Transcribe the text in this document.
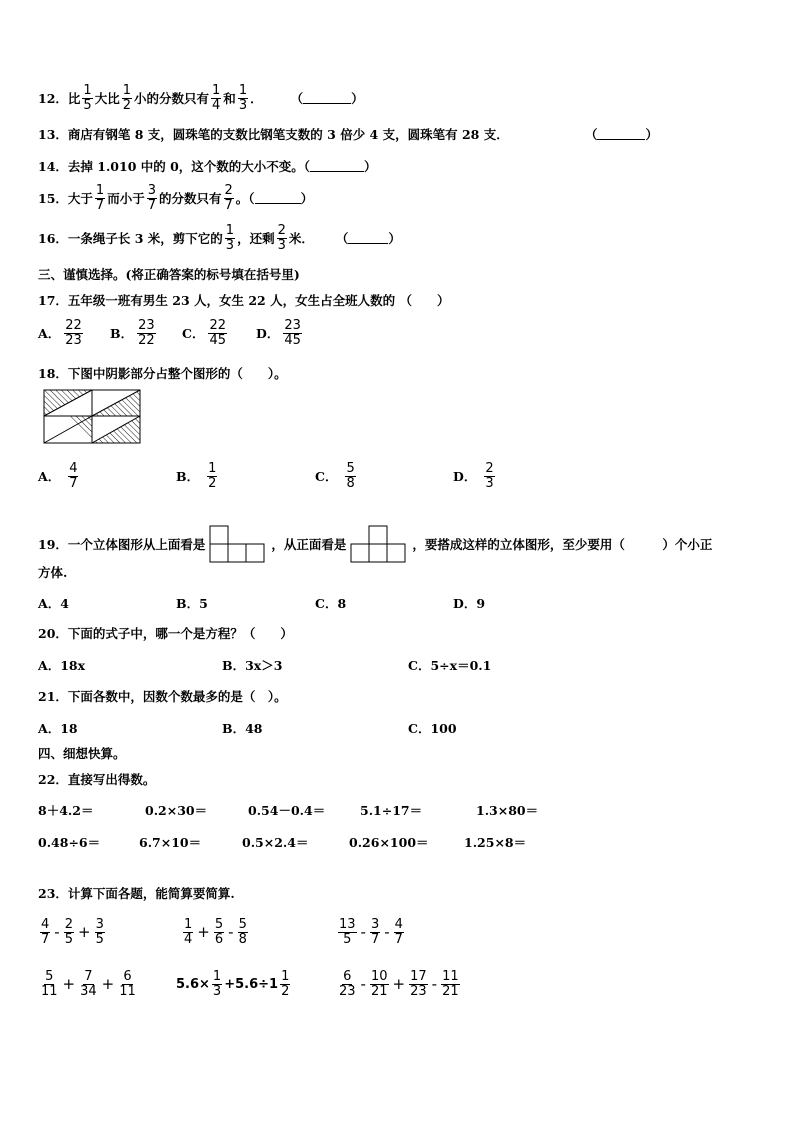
12． 比 $\frac{1}{5}$ 大比 $\frac{1}{2}$ 小的分数只有 $\frac{1}{4}$ 和 $\frac{1}{3}$ ． （	）
13．商店有钢笔 8 支，圆珠笔的支数比钢笔支数的 3 倍少 4 支，圆珠笔有 28 支．	（	）
14．去掉 1.010 中的 0，这个数的大小不变。（	）
15． 大于 $\frac{1}{7}$ 而小于 $\frac{3}{7}$ 的分数只有 $\frac{2}{7}$ 。（	）
16．一条绳子长 3 米，剪下它的 $\frac{1}{3}$ ，还剩 $\frac{2}{3}$ 米． （	）
三、谨慎选择。(将正确答案的标号填在括号里)
17．五年级一班有男生 23 人，女生 22 人，女生占全班人数的 （　　）
A． $\frac{22}{23}$ B． $\frac{23}{22}$ C． $\frac{22}{45}$ D． $\frac{23}{45}$
18．下图中阴影部分占整个图形的（　　）。
A． $\frac{4}{7}$	B． $\frac{1}{2}$	C． $\frac{5}{8}$	D． $\frac{2}{3}$
19．一个立体图形从上面看是	，从正面看是	，要搭成这样的立体图形，至少要用（　　　）个小正
方体.
A．4	B．5	C．8	D．9
20．下面的式子中，哪一个是方程？（　　）
A．18x	B．3x＞3	C．5÷x＝0.1
21．下面各数中，因数个数最多的是（　）。
A．18	B．48	C．100
四、细想快算。
22．直接写出得数。
8＋4.2＝	0.2×30＝	0.54－0.4＝	5.1÷17＝	1.3×80＝
0.48÷6＝	6.7×10＝	0.5×2.4＝	0.26×100＝	1.25×8＝
23．计算下面各题，能简算要简算.
$\frac{4}{7} - \frac{2}{5} + \frac{3}{5}$	$\frac{1}{4} + \frac{5}{6} - \frac{5}{8}$	$\frac{13}{5} - \frac{3}{7} - \frac{4}{7}$
$\frac{5}{11} + \frac{7}{34} + \frac{6}{11}$	$5.6\times \frac{1}{3} +5.6\div 1 \frac{1}{2}$	$\frac{6}{23} - \frac{10}{21} + \frac{17}{23} - \frac{11}{21}$
